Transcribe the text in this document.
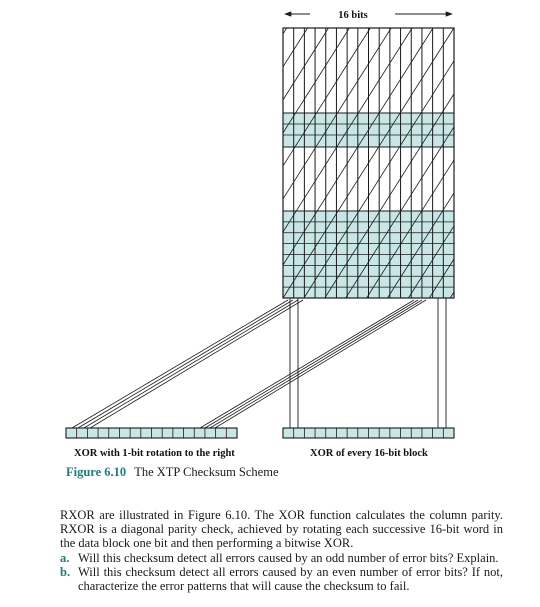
16 bits
XOR with 1-bit rotation to the right	XOR of every 16-bit block
Figure 6.10 The XTP Checksum Scheme

RXOR are illustrated in Figure 6.10. The XOR function calculates the column parity. RXOR is a diagonal parity check, achieved by rotating each successive 16-bit word in the data block one bit and then performing a bitwise XOR.

a. Will this checksum detect all errors caused by an odd number of error bits? Explain.
b. Will this checksum detect all errors caused by an even number of error bits? If not, characterize the error patterns that will cause the checksum to fail.
